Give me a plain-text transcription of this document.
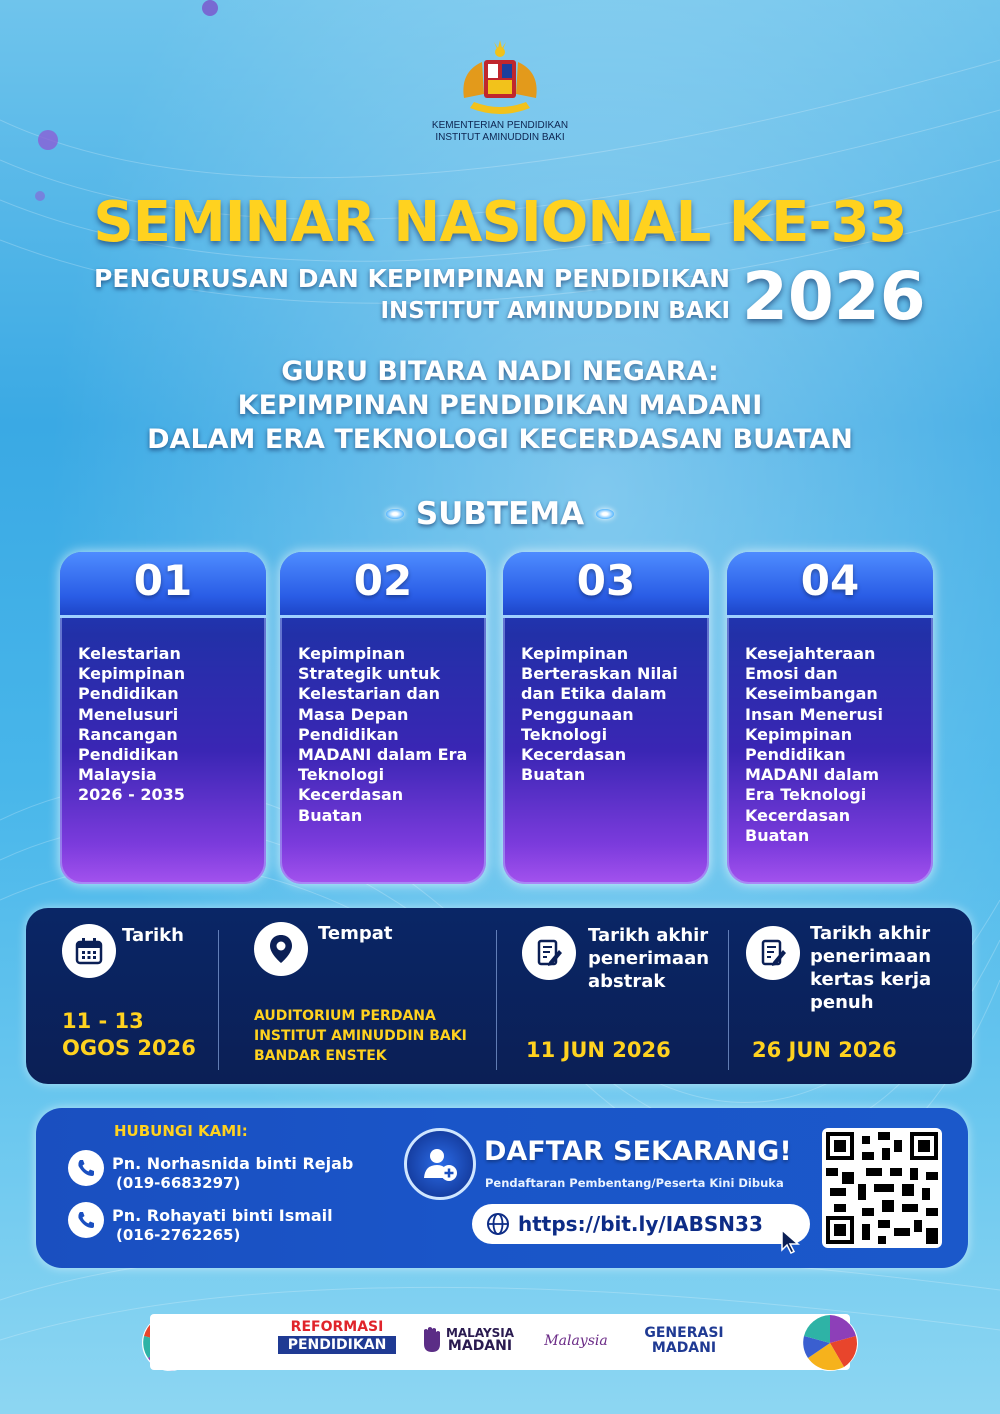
KEMENTERIAN PENDIDIKAN
INSTITUT AMINUDDIN BAKI
SEMINAR NASIONAL KE-33
PENGURUSAN DAN KEPIMPINAN PENDIDIKAN
INSTITUT AMINUDDIN BAKI 2026
GURU BITARA NADI NEGARA:
KEPIMPINAN PENDIDIKAN MADANI
DALAM ERA TEKNOLOGI KECERDASAN BUATAN
SUBTEMA
01
Kelestarian
Kepimpinan
Pendidikan
Menelusuri
Rancangan
Pendidikan
Malaysia
2026 - 2035
02
Kepimpinan
Strategik untuk
Kelestarian dan
Masa Depan
Pendidikan
MADANI dalam Era
Teknologi
Kecerdasan
Buatan
03
Kepimpinan
Berteraskan Nilai
dan Etika dalam
Penggunaan
Teknologi
Kecerdasan
Buatan
04
Kesejahteraan
Emosi dan
Keseimbangan
Insan Menerusi
Kepimpinan
Pendidikan
MADANI dalam
Era Teknologi
Kecerdasan
Buatan
Tarikh
11 - 13
OGOS 2026
Tempat
AUDITORIUM PERDANA
INSTITUT AMINUDDIN BAKI
BANDAR ENSTEK
Tarikh akhir
penerimaan
abstrak
11 JUN 2026
Tarikh akhir
penerimaan
kertas kerja
penuh
26 JUN 2026
HUBUNGI KAMI:
Pn. Norhasnida binti Rejab
(019-6683297)
Pn. Rohayati binti Ismail
(016-2762265)
DAFTAR SEKARANG!
Pendaftaran Pembentang/Peserta Kini Dibuka
https://bit.ly/IABSN33
REFORMASI
PENDIDIKAN
MALAYSIA
MADANI	Malaysia	GENERASI
MADANI
